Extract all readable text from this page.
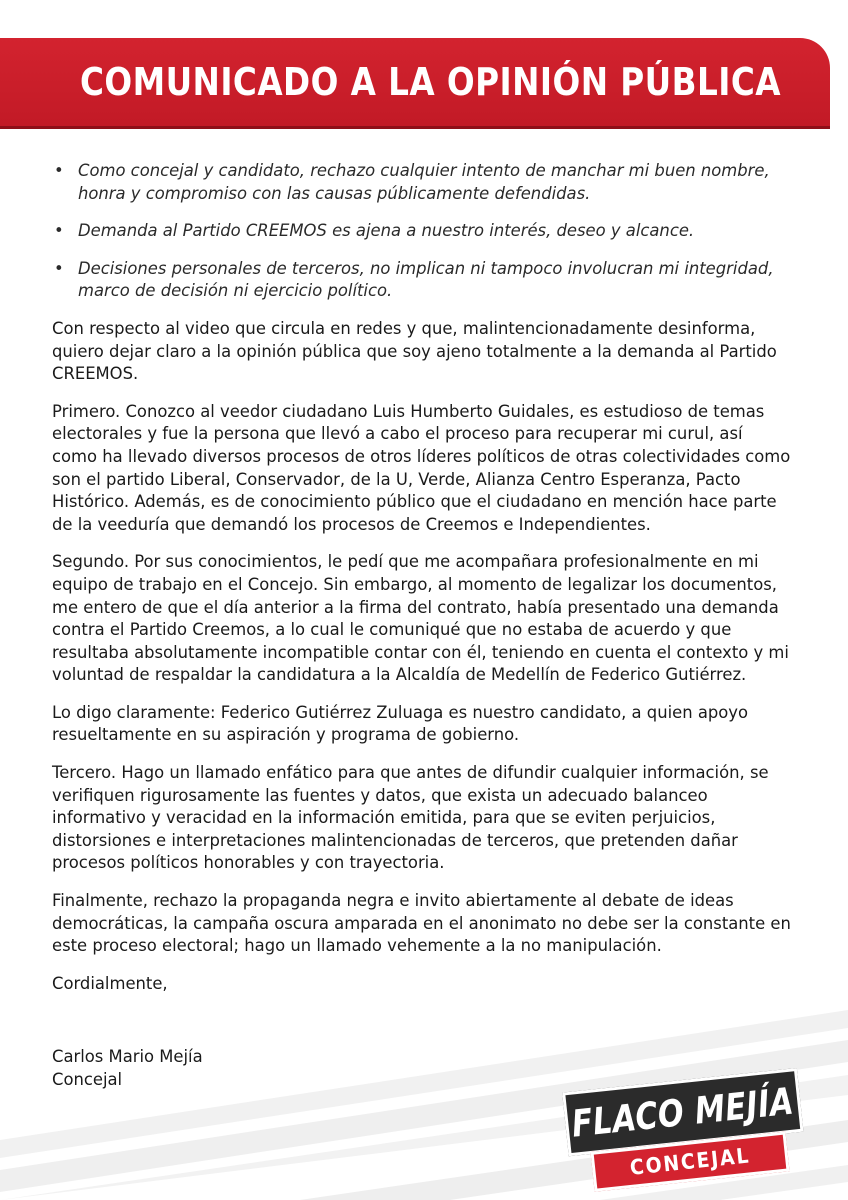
COMUNICADO A LA OPINIÓN PÚBLICA
• Como concejal y candidato, rechazo cualquier intento de manchar mi buen nombre, honra y compromiso con las causas públicamente defendidas.
• Demanda al Partido CREEMOS es ajena a nuestro interés, deseo y alcance.
• Decisiones personales de terceros, no implican ni tampoco involucran mi integridad, marco de decisión ni ejercicio político.

Con respecto al video que circula en redes y que, malintencionadamente desinforma, quiero dejar claro a la opinión pública que soy ajeno totalmente a la demanda al Partido CREEMOS.

Primero. Conozco al veedor ciudadano Luis Humberto Guidales, es estudioso de temas electorales y fue la persona que llevó a cabo el proceso para recuperar mi curul, así como ha llevado diversos procesos de otros líderes políticos de otras colectividades como son el partido Liberal, Conservador, de la U, Verde, Alianza Centro Esperanza, Pacto Histórico. Además, es de conocimiento público que el ciudadano en mención hace parte de la veeduría que demandó los procesos de Creemos e Independientes.

Segundo. Por sus conocimientos, le pedí que me acompañara profesionalmente en mi equipo de trabajo en el Concejo. Sin embargo, al momento de legalizar los documentos, me entero de que el día anterior a la firma del contrato, había presentado una demanda contra el Partido Creemos, a lo cual le comuniqué que no estaba de acuerdo y que resultaba absolutamente incompatible contar con él, teniendo en cuenta el contexto y mi voluntad de respaldar la candidatura a la Alcaldía de Medellín de Federico Gutiérrez.

Lo digo claramente: Federico Gutiérrez Zuluaga es nuestro candidato, a quien apoyo resueltamente en su aspiración y programa de gobierno.

Tercero. Hago un llamado enfático para que antes de difundir cualquier información, se verifiquen rigurosamente las fuentes y datos, que exista un adecuado balanceo informativo y veracidad en la información emitida, para que se eviten perjuicios, distorsiones e interpretaciones malintencionadas de terceros, que pretenden dañar procesos políticos honorables y con trayectoria.

Finalmente, rechazo la propaganda negra e invito abiertamente al debate de ideas democráticas, la campaña oscura amparada en el anonimato no debe ser la constante en este proceso electoral; hago un llamado vehemente a la no manipulación.

Cordialmente,

Carlos Mario Mejía
Concejal	FLACO MEJÍA
CONCEJAL
